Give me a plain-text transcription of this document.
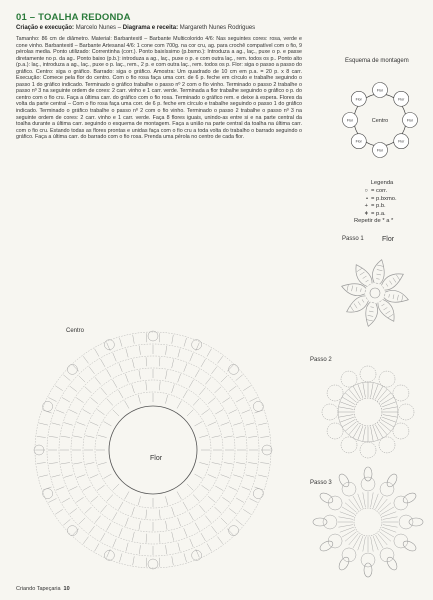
01 – TOALHA REDONDA
Criação e execução: Marcelo Nunes – Diagrama e receita: Margareth Nunes Rodrigues
Tamanho: 86 cm de diâmetro. Material: Barbantexitl – Barbante Multicolorido 4/6: Nas seguintes cores: rosa, verde e cone vinho. Barbantexitl – Barbante Artesanal 4/6: 1 cone com 700g. na cor cru, ag. para crochê compatível com o fio, 9 pérolas media. Ponto utilizado: Correntinha (corr.). Ponto baixíssimo (p.bxmo.): Introduza a ag., laç., puxe o p. e passe diretamente no p. da ag.. Ponto baixo (p.b.): introduza a ag., laç., puxe o p. e com outra laç., rem. todos os p.. Ponto alto (p.a.): laç., introduza a ag., laç., puxe o p. laç., rem., 2 p. e com outra laç., rem. todos os p. Flor: siga o passo a passo do gráfico. Centro: siga o gráfico. Barrado: siga o gráfico. Amostra: Um quadrado de 10 cm em p.a. = 20 p. x 8 carr. Execução: Comece pela flor do centro. Com o fio rosa faça uma corr. de 6 p. feche em círculo e trabalhe seguindo o passo 1 do gráfico indicado. Terminado o gráfico trabalhe o passo nº 2 com o fio vinho. Terminado o passo 2 trabalhe o passo nº 3 na seguinte ordem de cores: 2 carr. vinho e 1 carr. verde. Terminada a flor trabalhe seguindo o gráfico o p. do centro com o fio cru. Faça a última carr. do gráfico com o fio rosa. Terminado o gráfico rem. e deixe à espera. Flores da volta da parte central – Com o fio rosa faça uma corr. de 6 p. feche em círculo e trabalhe seguindo o passo 1 do gráfico indicado. Terminado o gráfico trabalhe o passo nº 2 com o fio vinho. Terminado o passo 2 trabalhe o passo nº 3 na seguinte ordem de cores: 2 carr. vinho e 1 carr. verde. Faça 8 flores iguais, unindo-as entre si e na parte central da toalha durante a última carr. seguindo o esquema de montagem. Faça a união na parte central da toalha na última carr. com o fio cru. Estando todas as flores prontas e unidas faça com o fio cru a toda volta do trabalho o barrado seguindo o gráfico. Faça a última carr. do barrado com o fio rosa. Prenda uma pérola no centro de cada flor.
Esquema de montagem
Centro
Flor
Flor
Flor
Flor
Flor
Flor
Flor
Flor
Legenda
○ = corr.
• = p.bxmo.
+ = p.b.
ǂ = p.a.
Repetir de * a *
Flor
Passo 1
Passo 2
Passo 3
Centro
Flor
Criando Tapeçaria 10
